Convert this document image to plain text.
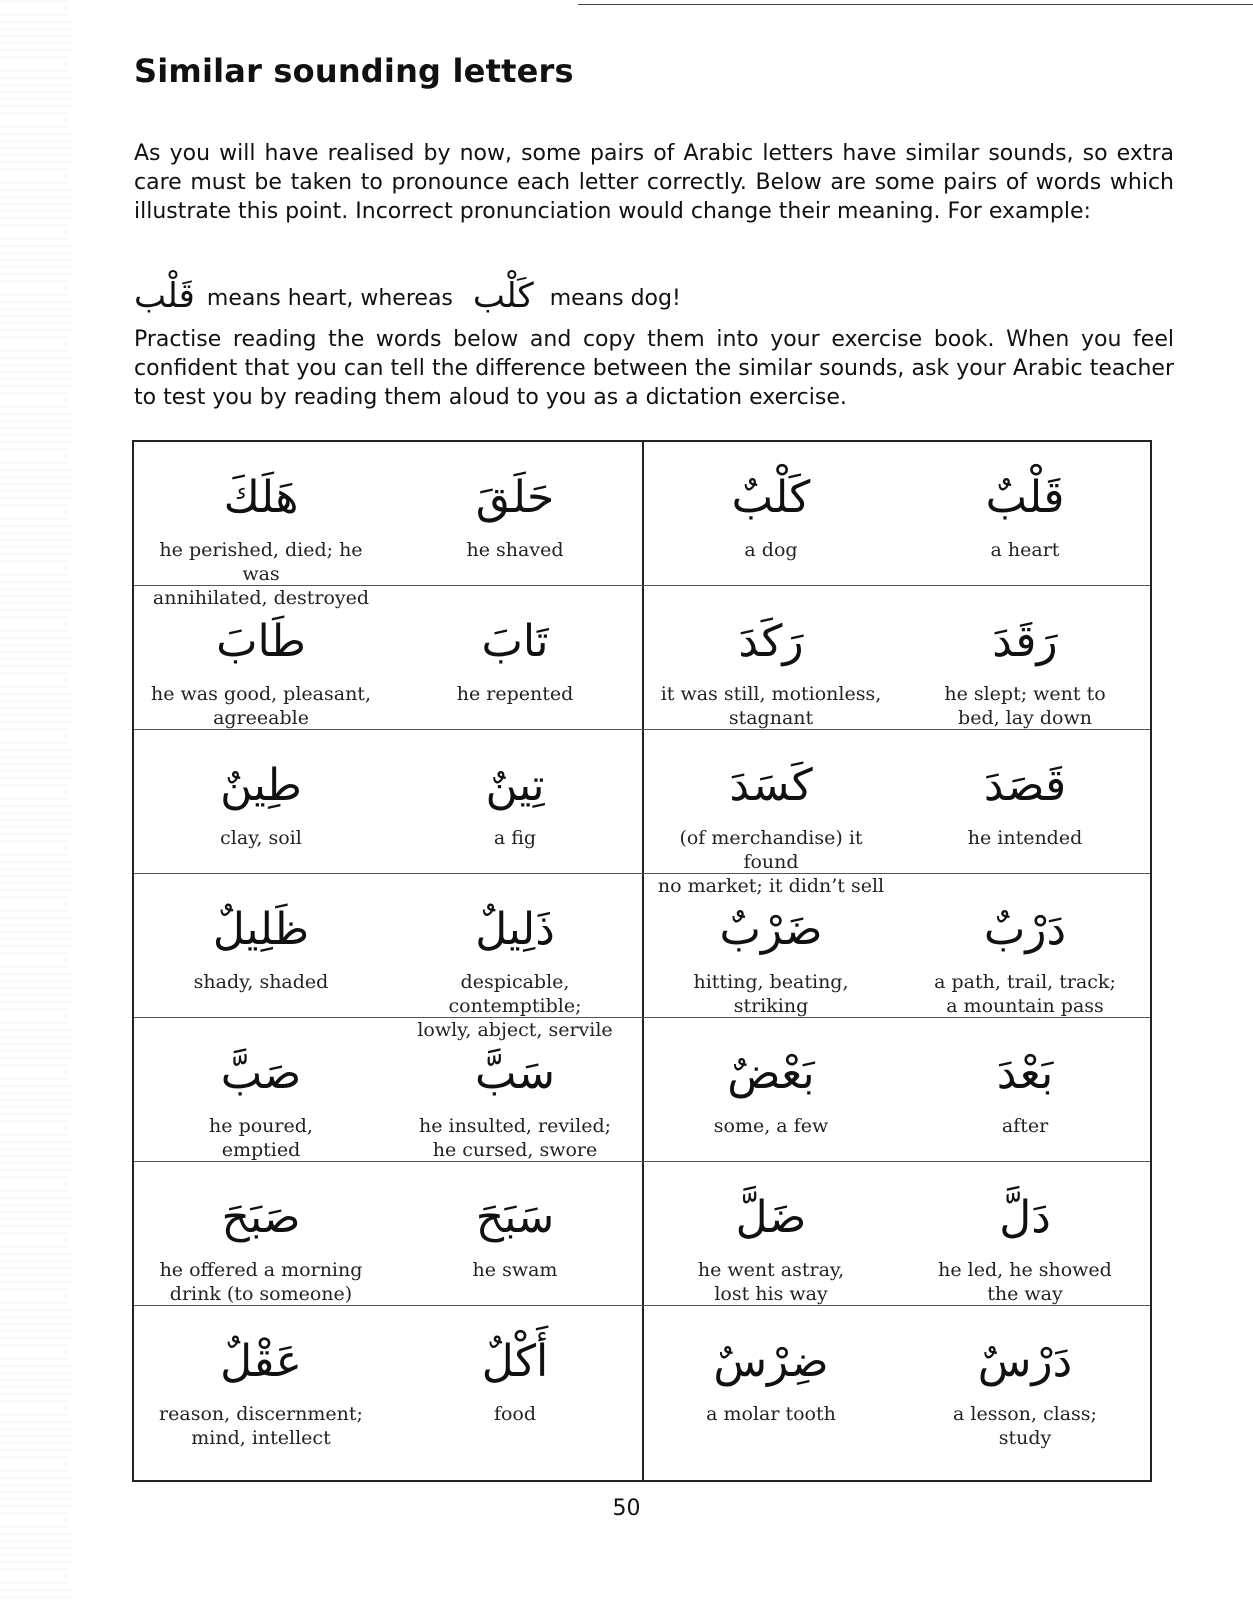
Similar sounding letters

As you will have realised by now, some pairs of Arabic letters have similar sounds, so extra care must be taken to pronounce each letter correctly. Below are some pairs of words which illustrate this point. Incorrect pronunciation would change their meaning. For example:

قَلْب means heart, whereas كَلْب means dog!

Practise reading the words below and copy them into your exercise book. When you feel confident that you can tell the difference between the similar sounds, ask your Arabic teacher to test you by reading them aloud to you as a dictation exercise.

هَلَكَ
he perished, died; he was
annihilated, destroyed
حَلَقَ
he shaved
كَلْبٌ
a dog
قَلْبٌ
a heart
طَابَ
he was good, pleasant,
agreeable
تَابَ
he repented
رَكَدَ
it was still, motionless,
stagnant
رَقَدَ
he slept; went to
bed, lay down
طِينٌ
clay, soil
تِينٌ
a fig
كَسَدَ
(of merchandise) it found
no market; it didn’t sell
قَصَدَ
he intended
ظَلِيلٌ
shady, shaded
ذَلِيلٌ
despicable, contemptible;
lowly, abject, servile
ضَرْبٌ
hitting, beating,
striking
دَرْبٌ
a path, trail, track;
a mountain pass
صَبَّ
he poured,
emptied
سَبَّ
he insulted, reviled;
he cursed, swore
بَعْضٌ
some, a few
بَعْدَ
after
صَبَحَ
he offered a morning
drink (to someone)
سَبَحَ
he swam
ضَلَّ
he went astray,
lost his way
دَلَّ
he led, he showed
the way
عَقْلٌ
reason, discernment;
mind, intellect
أَكْلٌ
food
ضِرْسٌ
a molar tooth
دَرْسٌ
a lesson, class;
study
50
